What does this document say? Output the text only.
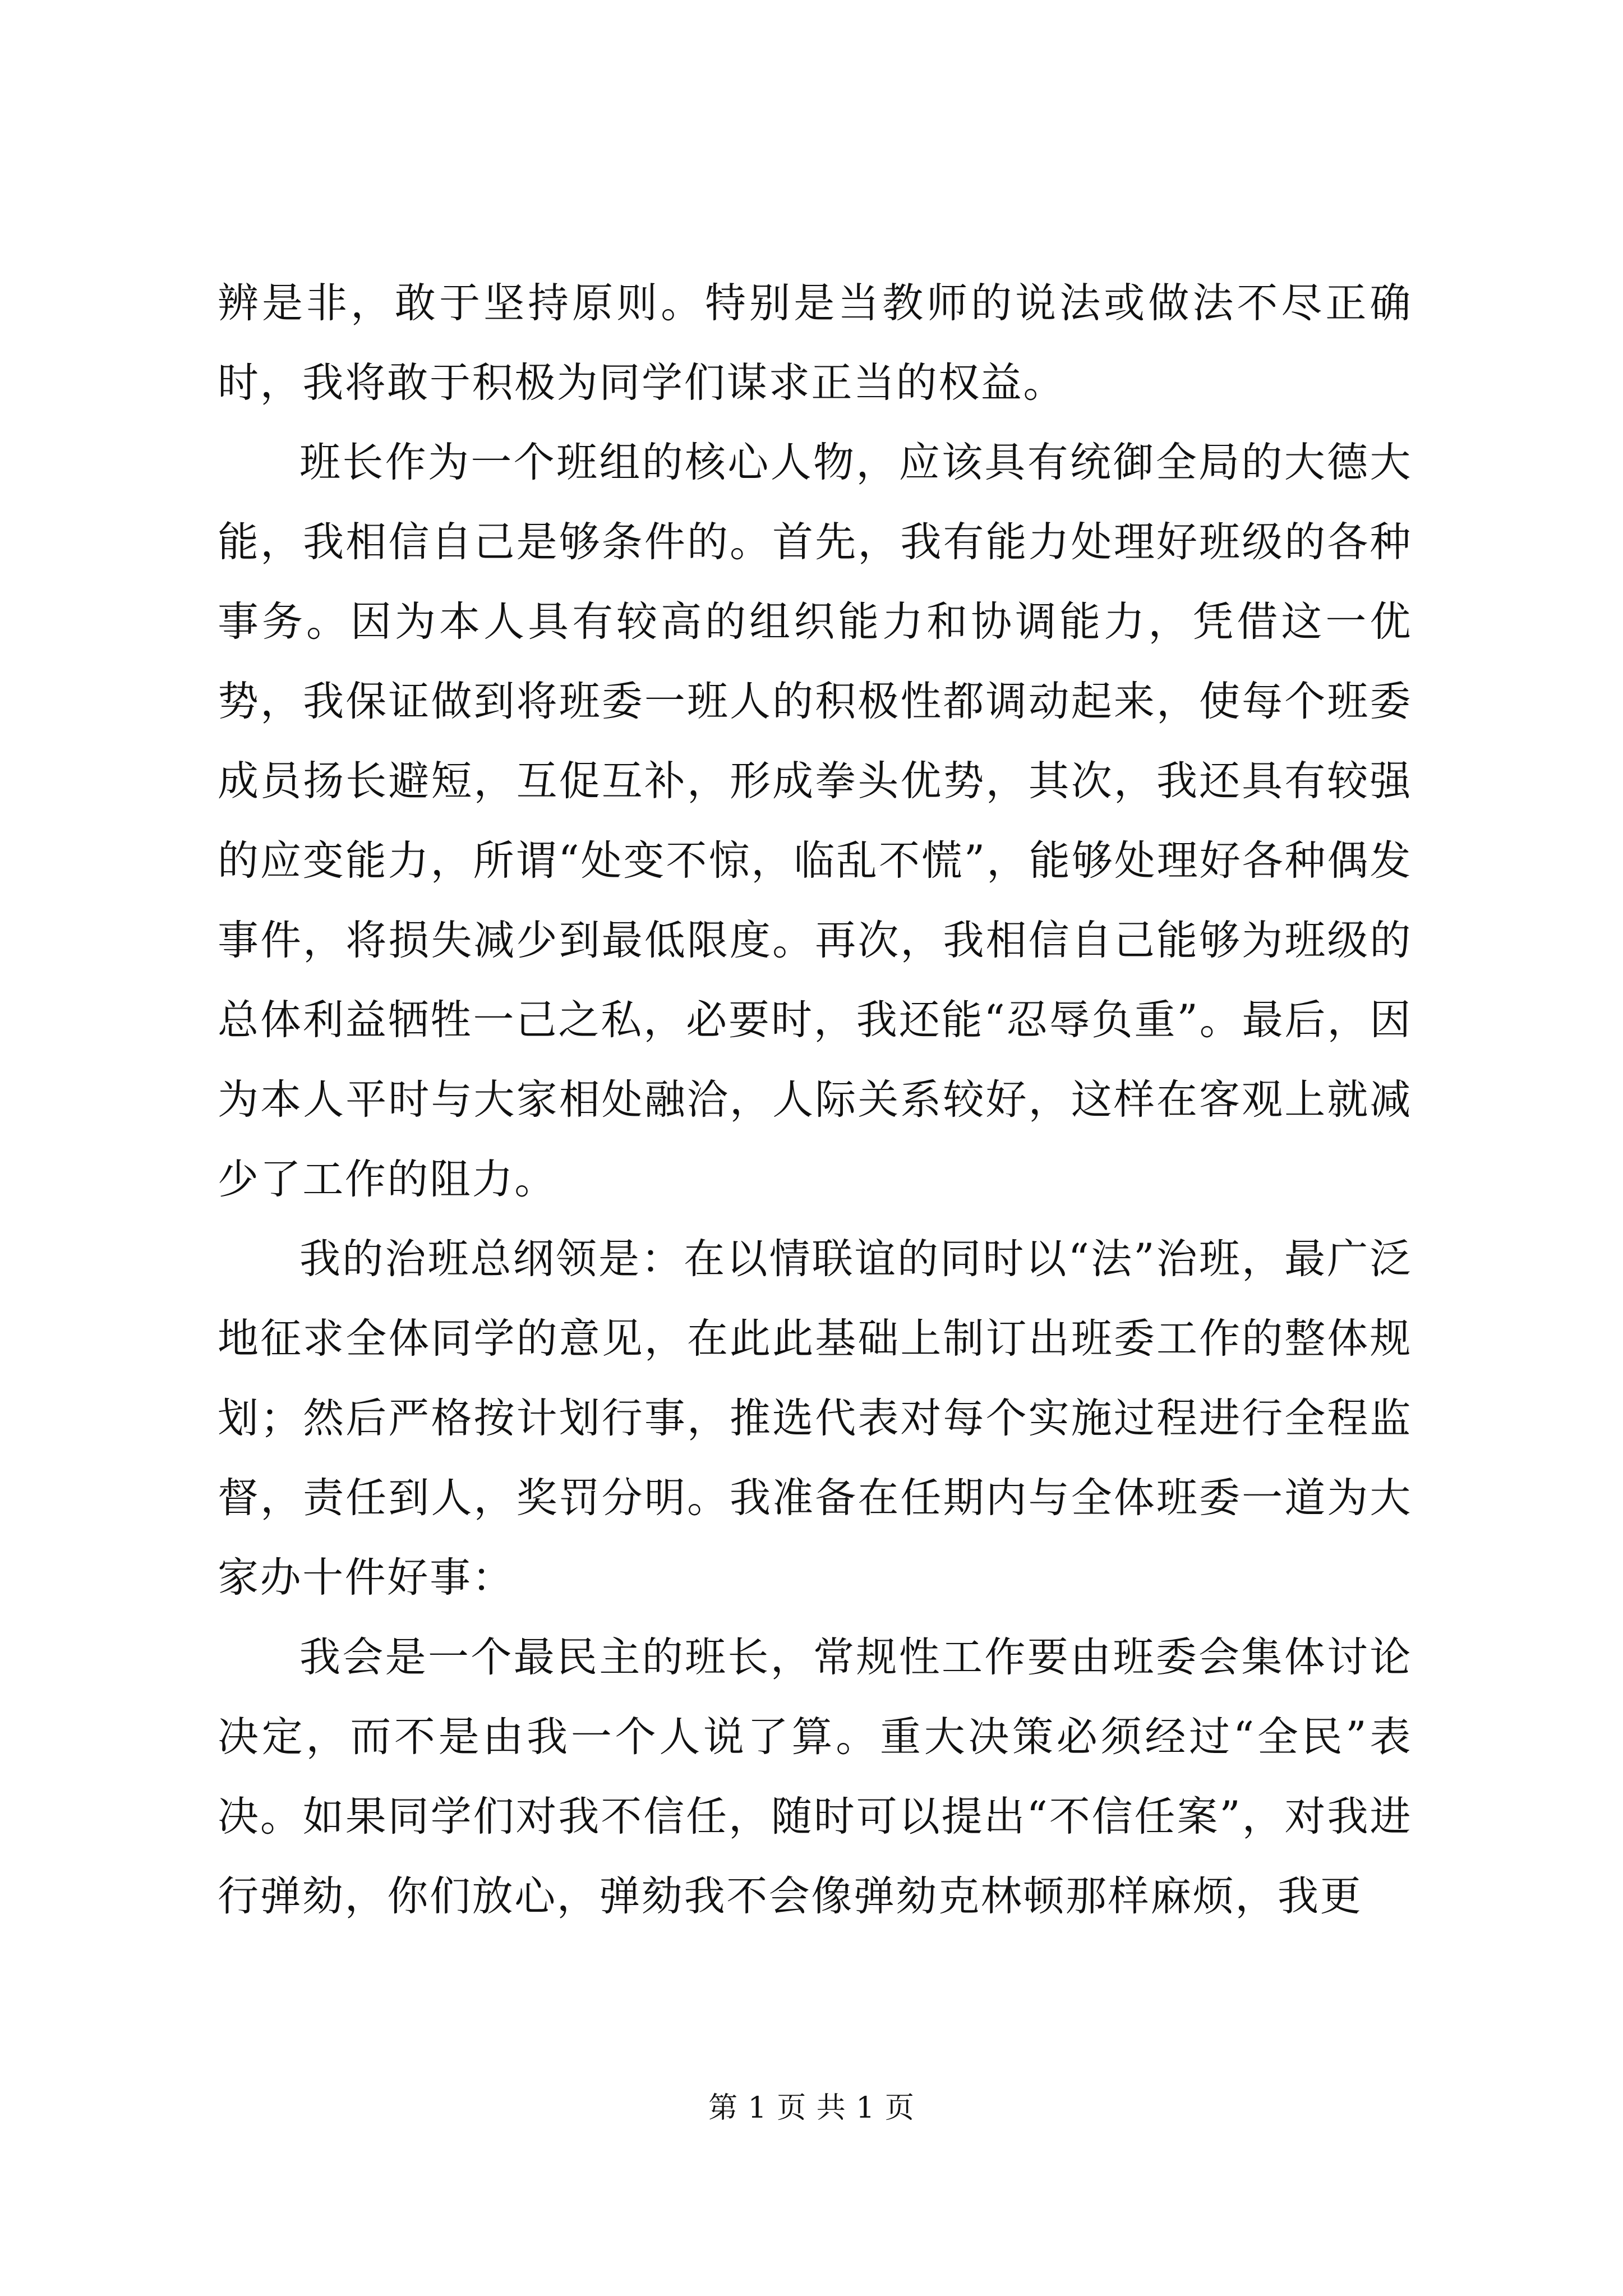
辨是非，敢于坚持原则。特别是当教师的说法或做法不尽正确时，我将敢于积极为同学们谋求正当的权益。

班长作为一个班组的核心人物，应该具有统御全局的大德大能，我相信自己是够条件的。首先，我有能力处理好班级的各种事务。因为本人具有较高的组织能力和协调能力，凭借这一优势，我保证做到将班委一班人的积极性都调动起来，使每个班委成员扬长避短，互促互补，形成拳头优势，其次，我还具有较强的应变能力，所谓“处变不惊，临乱不慌”，能够处理好各种偶发事件，将损失减少到最低限度。再次，我相信自己能够为班级的总体利益牺牲一己之私，必要时，我还能“忍辱负重”。最后，因为本人平时与大家相处融洽，人际关系较好，这样在客观上就减少了工作的阻力。

我的治班总纲领是：在以情联谊的同时以“法”治班，最广泛地征求全体同学的意见，在此此基础上制订出班委工作的整体规划；然后严格按计划行事，推选代表对每个实施过程进行全程监督，责任到人，奖罚分明。我准备在任期内与全体班委一道为大家办十件好事：

我会是一个最民主的班长，常规性工作要由班委会集体讨论决定，而不是由我一个人说了算。重大决策必须经过“全民”表决。如果同学们对我不信任，随时可以提出“不信任案”，对我进行弹劾，你们放心，弹劾我不会像弹劾克林顿那样麻烦，我更

第 1 页 共 1 页
